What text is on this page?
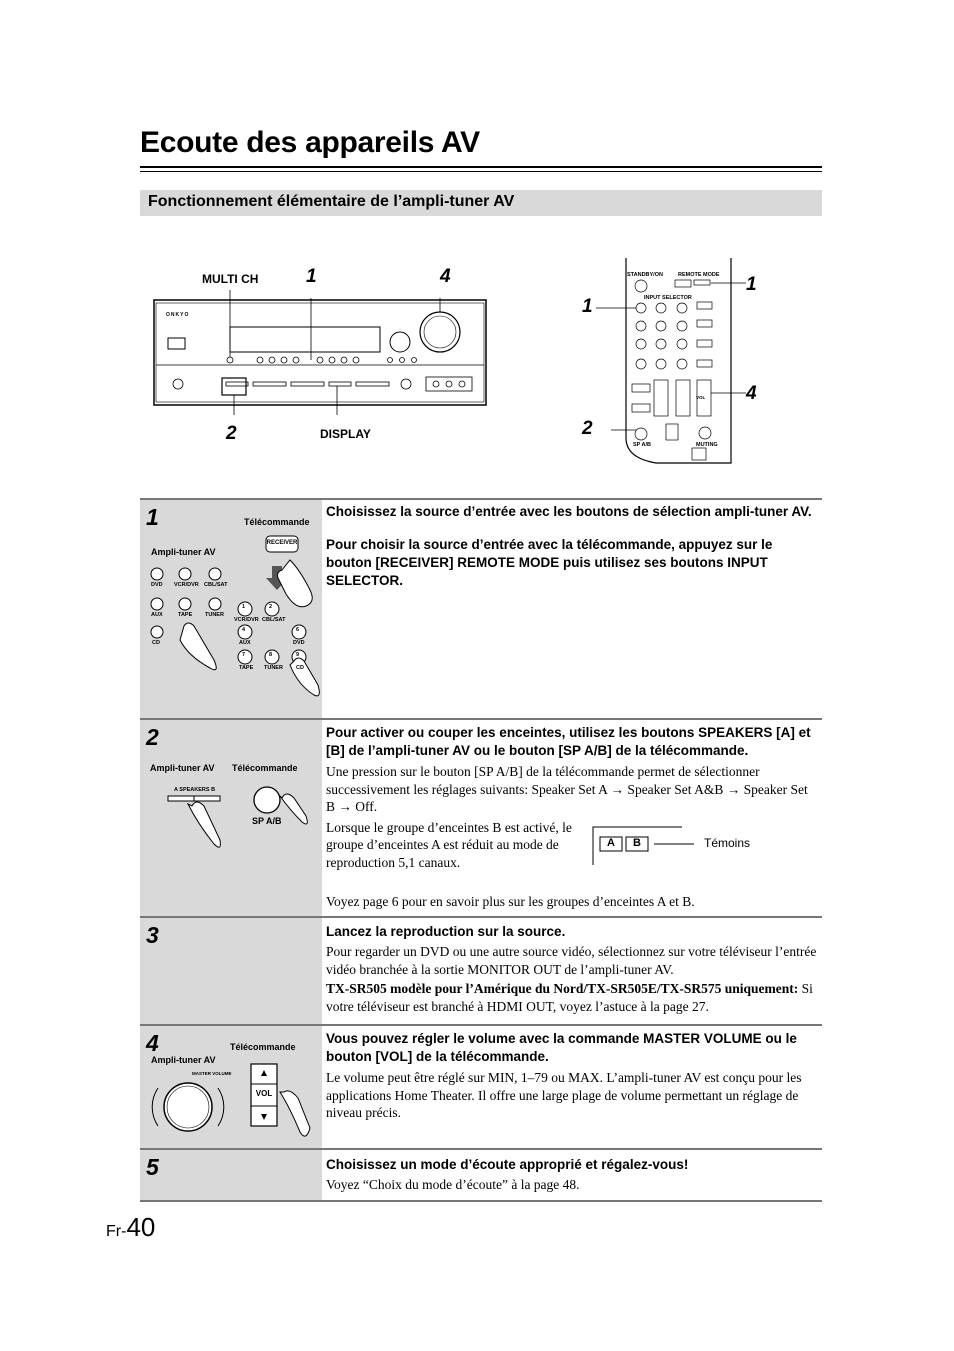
Ecoute des appareils AV
Fonctionnement élémentaire de l’ampli-tuner AV
ONKYO
MULTI CH	1	4
2	DISPLAY
STANDBY/ON	REMOTE MODE
INPUT SELECTOR
VOL
SP A/B	MUTING
1
1
4
2
1	Télécommande
Ampli-tuner AV
RECEIVER
DVD VCR/DVR CBL/SAT
AUX	TAPE TUNER
CD
1	2
4	6
7	8	9
VCR/DVR CBL/SAT
AUX	DVD
TAPE TUNER CD

Choisissez la source d’entrée avec les boutons de sélection ampli-tuner AV.

Pour choisir la source d’entrée avec la télécommande, appuyez sur le bouton [RECEIVER] REMOTE MODE puis utilisez ses boutons INPUT SELECTOR.

2
Ampli-tuner AV Télécommande
A SPEAKERS B
SP A/B

Pour activer ou couper les enceintes, utilisez les boutons SPEAKERS [A] et [B] de l’ampli-tuner AV ou le bouton [SP A/B] de la télécommande.

Une pression sur le bouton [SP A/B] de la télécommande permet de sélectionner successivement les réglages suivants: Speaker Set A → Speaker Set A&B → Speaker Set B → Off.

Lorsque le groupe d’enceintes B est activé, le groupe d’enceintes A est réduit au mode de reproduction 5,1 canaux.

Voyez page 6 pour en savoir plus sur les groupes d’enceintes A et B.

A	B	Témoins
3	Lancez la reproduction sur la source.

Pour regarder un DVD ou une autre source vidéo, sélectionnez sur votre téléviseur l’entrée vidéo branchée à la sortie MONITOR OUT de l’ampli-tuner AV.

TX-SR505 modèle pour l’Amérique du Nord/TX-SR505E/TX-SR575 uniquement: Si votre téléviseur est branché à HDMI OUT, voyez l’astuce à la page 27.

4	Télécommande
Ampli-tuner AV
MASTER VOLUME
VOL

Vous pouvez régler le volume avec la commande MASTER VOLUME ou le bouton [VOL] de la télécommande.

Le volume peut être réglé sur MIN, 1–79 ou MAX. L’ampli-tuner AV est conçu pour les applications Home Theater. Il offre une large plage de volume permettant un réglage de niveau précis.

5	Choisissez un mode d’écoute approprié et régalez-vous!

Voyez “Choix du mode d’écoute” à la page 48.

Fr-40
